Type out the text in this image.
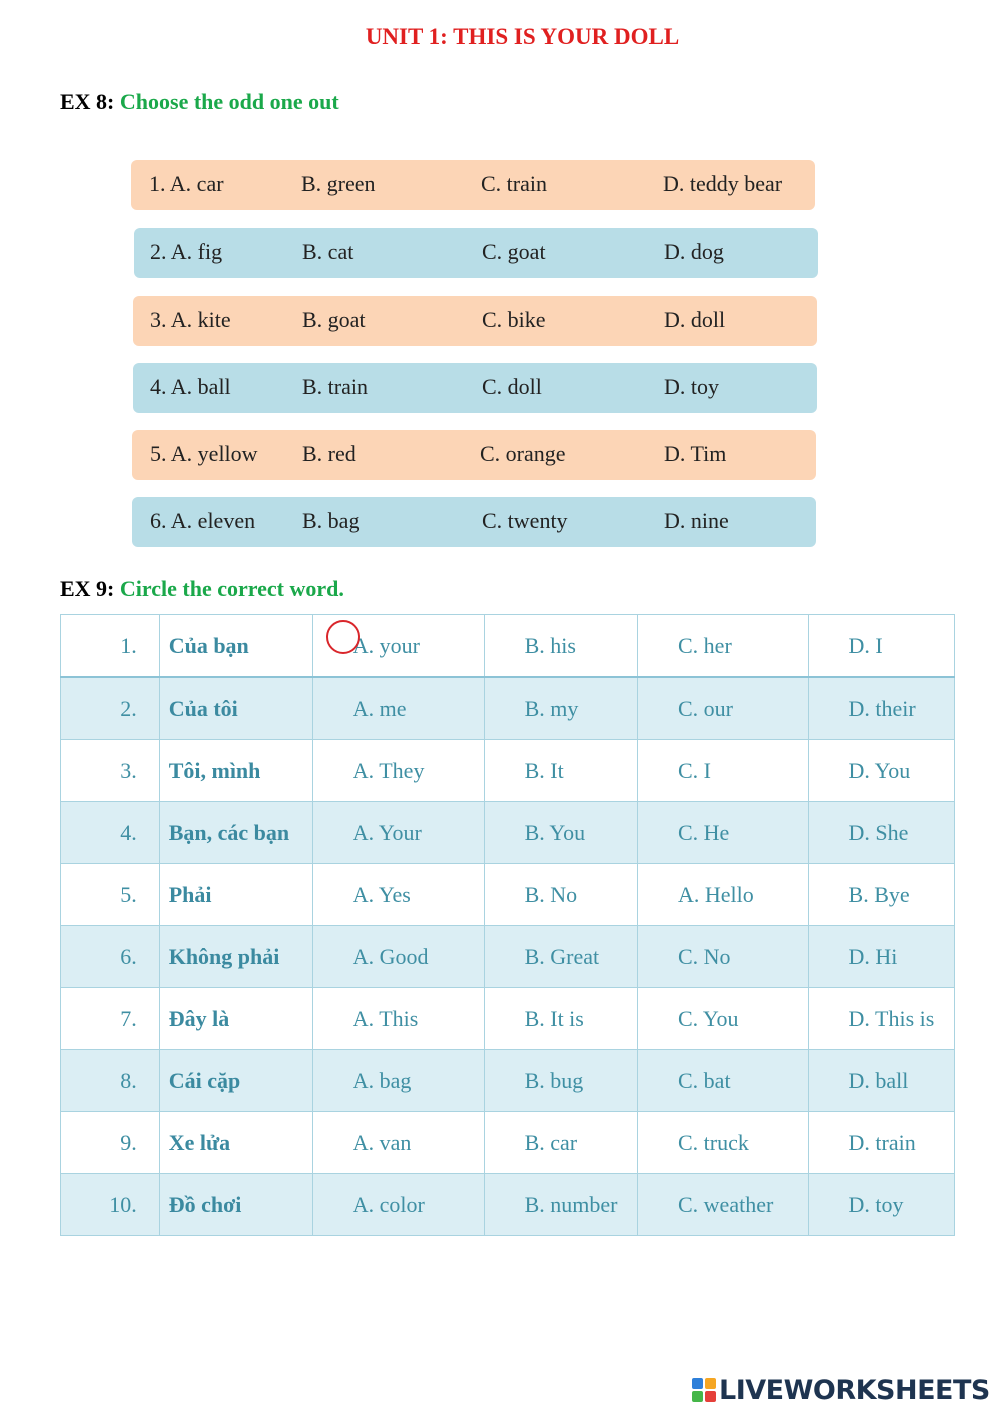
UNIT 1: THIS IS YOUR DOLL
EX 8: Choose the odd one out
1. A. car	B. green	C. train	D. teddy bear
2. A. fig	B. cat	C. goat	D. dog
3. A. kite	B. goat	C. bike	D. doll
4. A. ball	B. train	C. doll	D. toy
5. A. yellow B. red	C. orange	D. Tim
6. A. eleven B. bag	C. twenty	D. nine
EX 9: Circle the correct word.
1.	Của bạn	A. your	B. his	C. her	D. I
2.	Của tôi	A. me	B. my	C. our	D. their
3.	Tôi, mình	A. They	B. It	C. I	D. You
4.	Bạn, các bạn	A. Your	B. You	C. He	D. She
5.	Phải	A. Yes	B. No	A. Hello	B. Bye
6.	Không phải	A. Good	B. Great	C. No	D. Hi
7.	Đây là	A. This	B. It is	C. You	D. This is
8.	Cái cặp	A. bag	B. bug	C. bat	D. ball
9.	Xe lửa	A. van	B. car	C. truck	D. train
10.	Đồ chơi	A. color	B. number	C. weather	D. toy
LIVEWORKSHEETS
